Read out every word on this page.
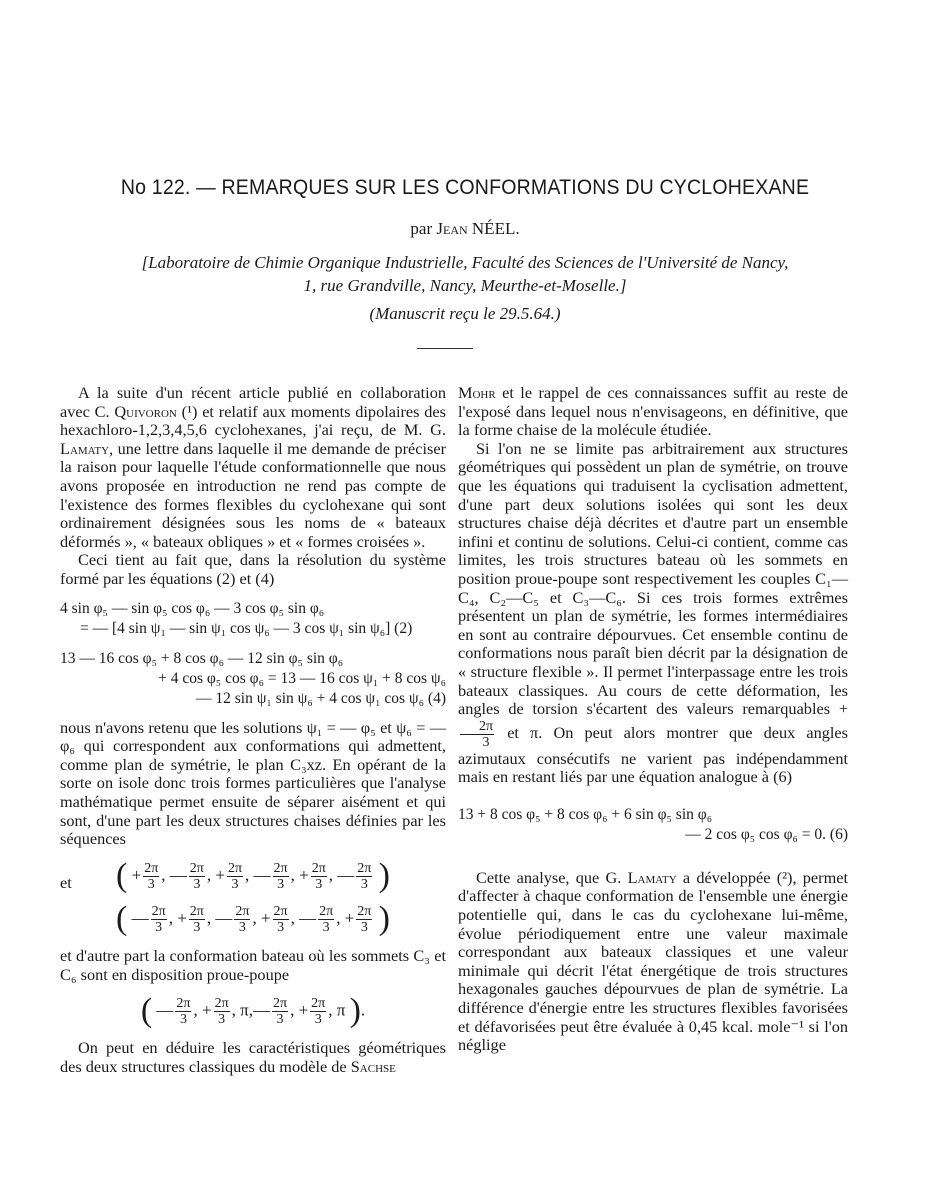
No 122. — REMARQUES SUR LES CONFORMATIONS DU CYCLOHEXANE
par Jean NÉEL.
[Laboratoire de Chimie Organique Industrielle, Faculté des Sciences de l'Université de Nancy,
1, rue Grandville, Nancy, Meurthe-et-Moselle.]
(Manuscrit reçu le 29.5.64.)

A la suite d'un récent article publié en collaboration avec C. Quivoron (¹) et relatif aux moments dipolaires des hexachloro-1,2,3,4,5,6 cyclohexanes, j'ai reçu, de M. G. Lamaty, une lettre dans laquelle il me demande de préciser la raison pour laquelle l'étude conformationnelle que nous avons proposée en introduction ne rend pas compte de l'existence des formes flexibles du cyclohexane qui sont ordinairement désignées sous les noms de « bateaux déformés », « bateaux obliques » et « formes croisées ».

Ceci tient au fait que, dans la résolution du système formé par les équations (2) et (4)

4 sin φ₅ — sin φ₅ cos φ₆ — 3 cos φ₅ sin φ₆
= — [4 sin ψ₁ — sin ψ₁ cos ψ₆ — 3 cos ψ₁ sin ψ₆] (2)
13 — 16 cos φ₅ + 8 cos φ₆ — 12 sin φ₅ sin φ₆
+ 4 cos φ₅ cos φ₆ = 13 — 16 cos ψ₁ + 8 cos ψ₆
— 12 sin ψ₁ sin ψ₆ + 4 cos ψ₁ cos ψ₆ (4)

nous n'avons retenu que les solutions ψ₁ = — φ₅ et ψ₆ = — φ₆ qui correspondent aux conformations qui admettent, comme plan de symétrie, le plan C₃xz. En opérant de la sorte on isole donc trois formes particulières que l'analyse mathématique permet ensuite de séparer aisément et qui sont, d'une part les deux structures chaises définies par les séquences

( + $\frac{2\pi}{3}$ , — $\frac{2\pi}{3}$ , + $\frac{2\pi}{3}$ , — $\frac{2\pi}{3}$ , + $\frac{2\pi}{3}$ , — $\frac{2\pi}{3}$ )
et
( — $\frac{2\pi}{3}$ , + $\frac{2\pi}{3}$ , — $\frac{2\pi}{3}$ , + $\frac{2\pi}{3}$ , — $\frac{2\pi}{3}$ , + $\frac{2\pi}{3}$ )

et d'autre part la conformation bateau où les sommets C₃ et C₆ sont en disposition proue-poupe

( — $\frac{2\pi}{3}$ , + $\frac{2\pi}{3}$ , π,— $\frac{2\pi}{3}$ , + $\frac{2\pi}{3}$ , π ).

On peut en déduire les caractéristiques géométriques des deux structures classiques du modèle de Sachse

Mohr et le rappel de ces connaissances suffit au reste de l'exposé dans lequel nous n'envisageons, en définitive, que la forme chaise de la molécule étudiée.

Si l'on ne se limite pas arbitrairement aux structures géométriques qui possèdent un plan de symétrie, on trouve que les équations qui traduisent la cyclisation admettent, d'une part deux solutions isolées qui sont les deux structures chaise déjà décrites et d'autre part un ensemble infini et continu de solutions. Celui-ci contient, comme cas limites, les trois structures bateau où les sommets en position proue-poupe sont respectivement les couples C₁—C₄, C₂—C₅ et C₃—C₆. Si ces trois formes extrêmes présentent un plan de symétrie, les formes intermédiaires en sont au contraire dépourvues. Cet ensemble continu de conformations nous paraît bien décrit par la désignation de « structure flexible ». Il permet l'interpassage entre les trois bateaux classiques. Au cours de cette déformation, les angles de torsion s'écartent des valeurs remarquables +
$\frac{2\pi}{3}$ et π. On peut alors montrer que deux angles azimutaux consécutifs ne varient pas indépendamment mais en restant liés par une équation analogue à (6)

13 + 8 cos φ₅ + 8 cos φ₆ + 6 sin φ₅ sin φ₆
— 2 cos φ₅ cos φ₆ = 0. (6)

Cette analyse, que G. Lamaty a développée (²), permet d'affecter à chaque conformation de l'ensemble une énergie potentielle qui, dans le cas du cyclohexane lui-même, évolue périodiquement entre une valeur maximale correspondant aux bateaux classiques et une valeur minimale qui décrit l'état énergétique de trois structures hexagonales gauches dépourvues de plan de symétrie. La différence d'énergie entre les structures flexibles favorisées et défavorisées peut être évaluée à 0,45 kcal. mole⁻¹ si l'on néglige
